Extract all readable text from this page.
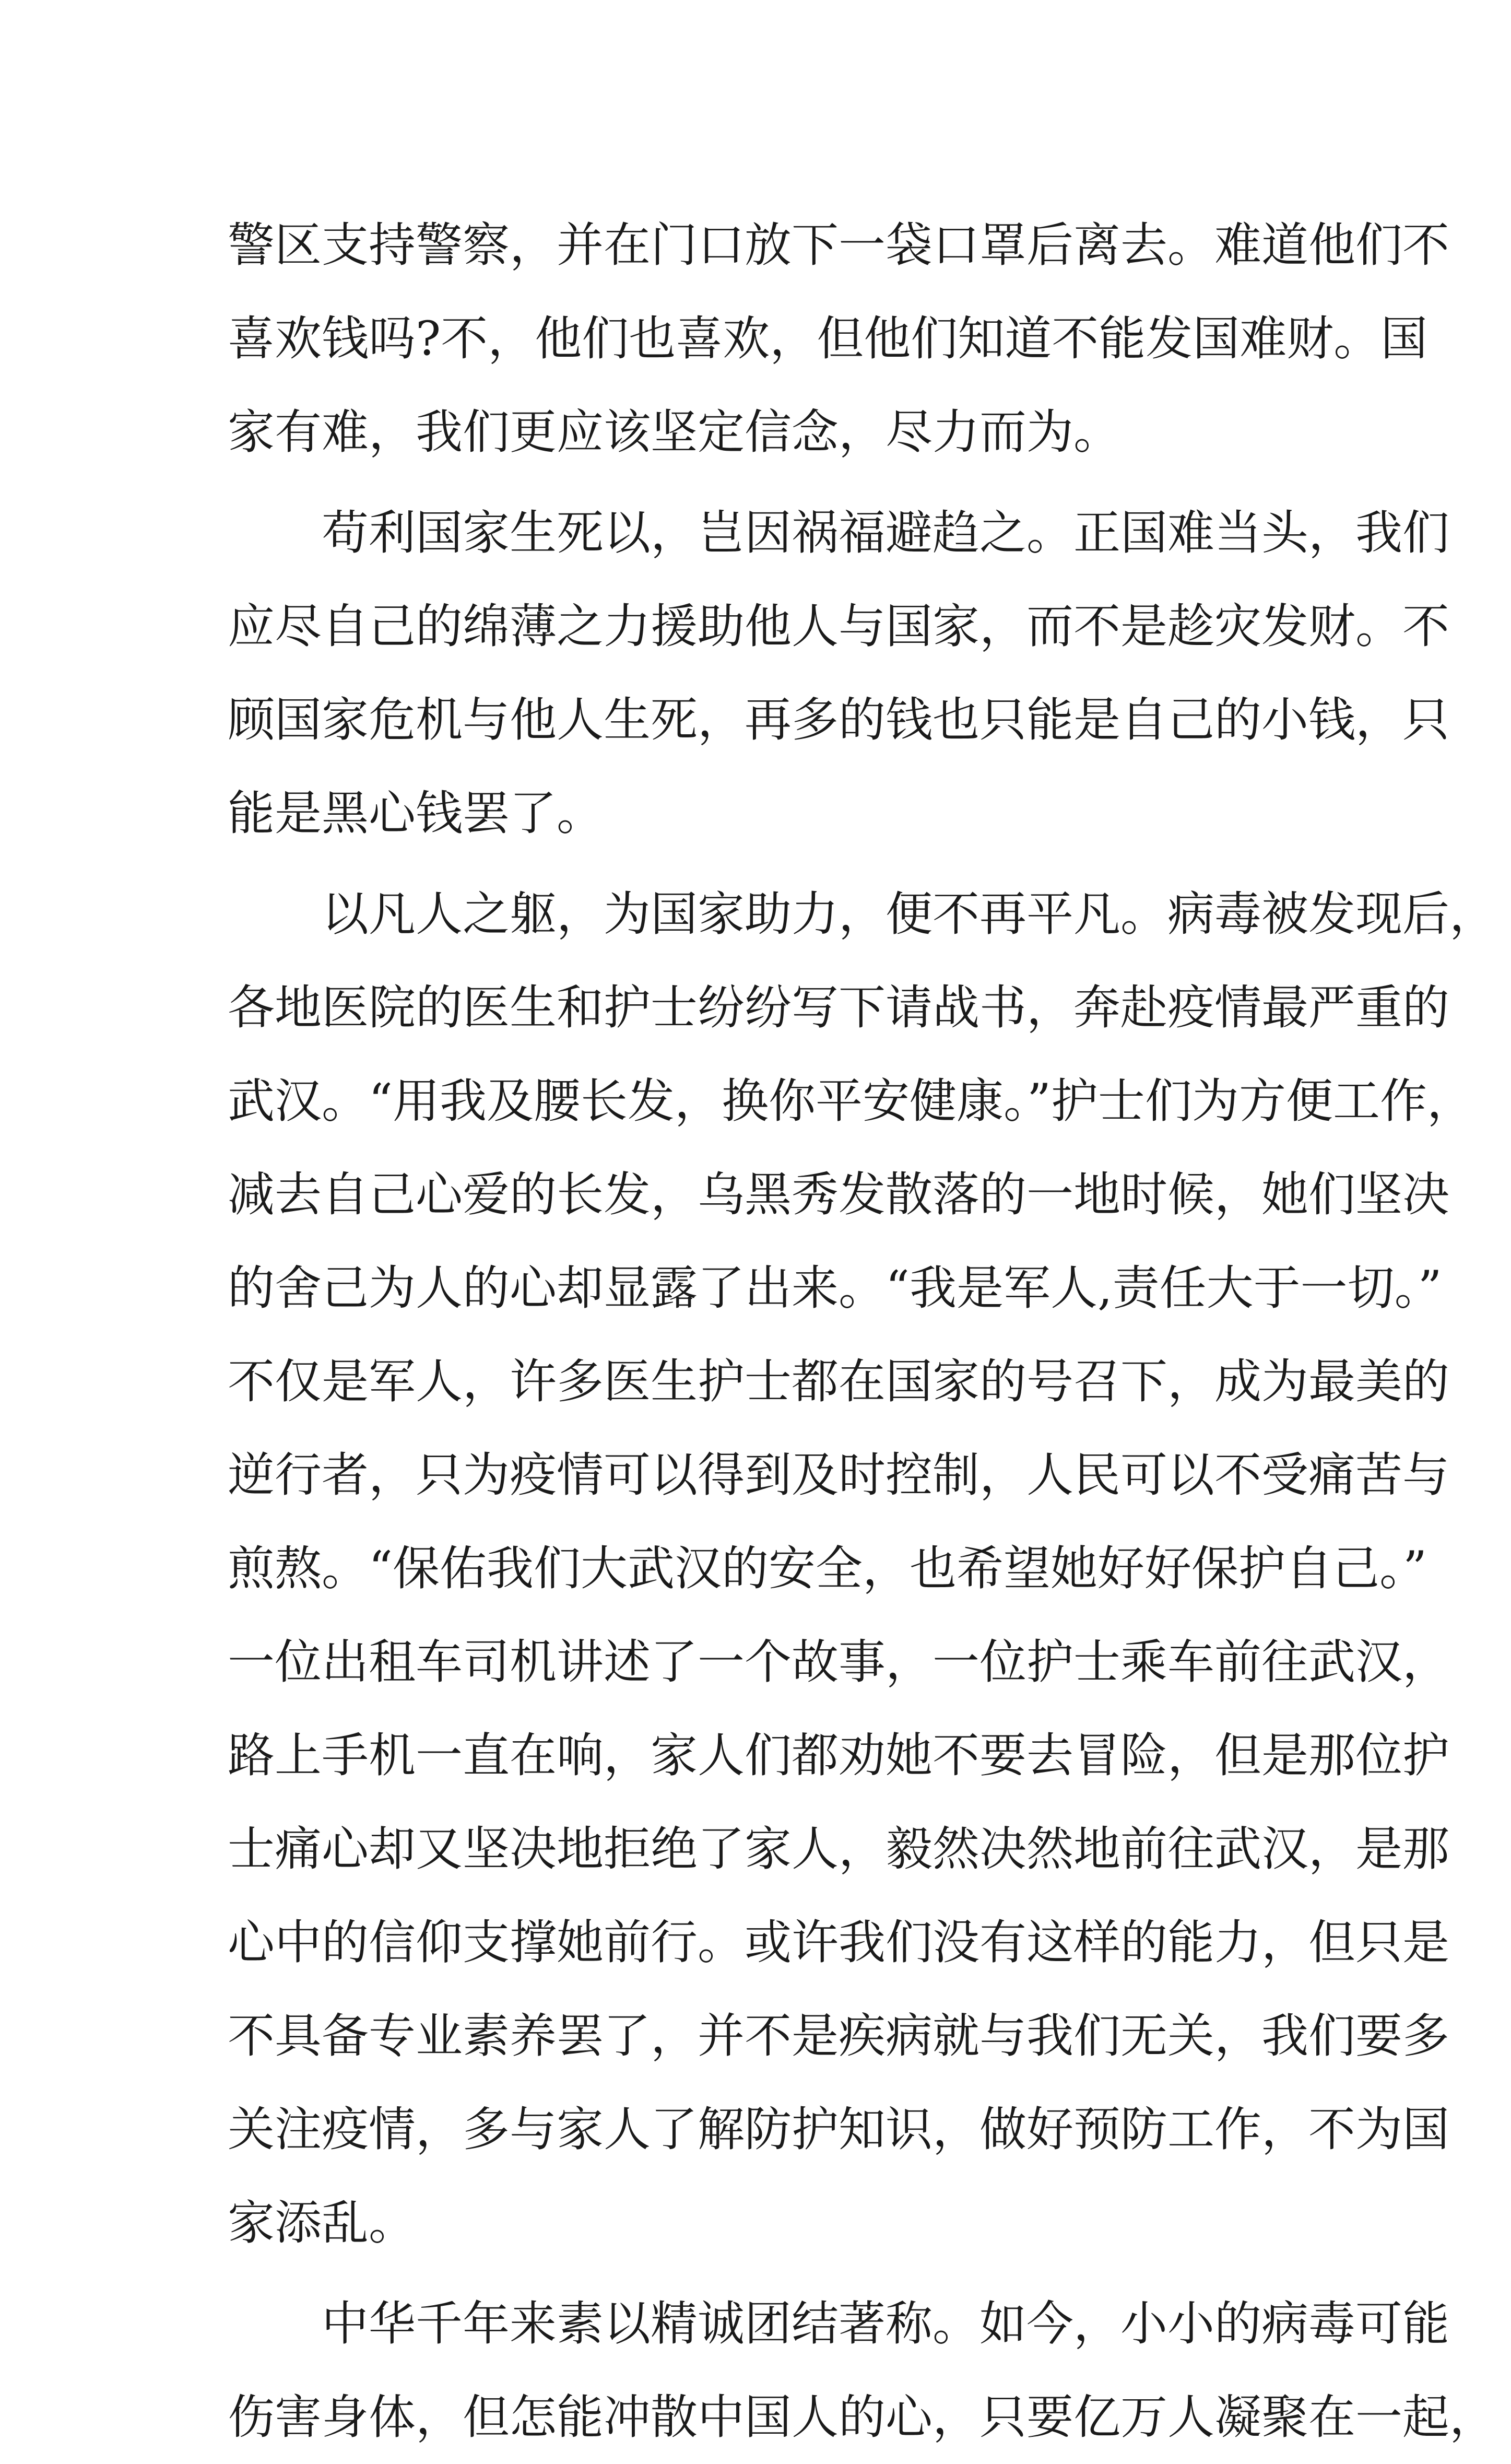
警区支持警察，并在门口放下一袋口罩后离去。难道他们不
喜欢钱吗?不，他们也喜欢，但他们知道不能发国难财。国
家有难，我们更应该坚定信念，尽力而为。
苟利国家生死以，岂因祸福避趋之。正国难当头，我们
应尽自己的绵薄之力援助他人与国家，而不是趁灾发财。不
顾国家危机与他人生死，再多的钱也只能是自己的小钱，只
能是黑心钱罢了。
以凡人之躯，为国家助力，便不再平凡。病毒被发现后，
各地医院的医生和护士纷纷写下请战书，奔赴疫情最严重的
武汉。“用我及腰长发，换你平安健康。”护士们为方便工作，
减去自己心爱的长发，乌黑秀发散落的一地时候，她们坚决
的舍己为人的心却显露了出来。“我是军人,责任大于一切。”
不仅是军人，许多医生护士都在国家的号召下，成为最美的
逆行者，只为疫情可以得到及时控制，人民可以不受痛苦与
煎熬。“保佑我们大武汉的安全，也希望她好好保护自己。”
一位出租车司机讲述了一个故事，一位护士乘车前往武汉，
路上手机一直在响，家人们都劝她不要去冒险，但是那位护
士痛心却又坚决地拒绝了家人，毅然决然地前往武汉，是那
心中的信仰支撑她前行。或许我们没有这样的能力，但只是
不具备专业素养罢了，并不是疾病就与我们无关，我们要多
关注疫情，多与家人了解防护知识，做好预防工作，不为国
家添乱。
中华千年来素以精诚团结著称。如今，小小的病毒可能
伤害身体，但怎能冲散中国人的心，只要亿万人凝聚在一起，
